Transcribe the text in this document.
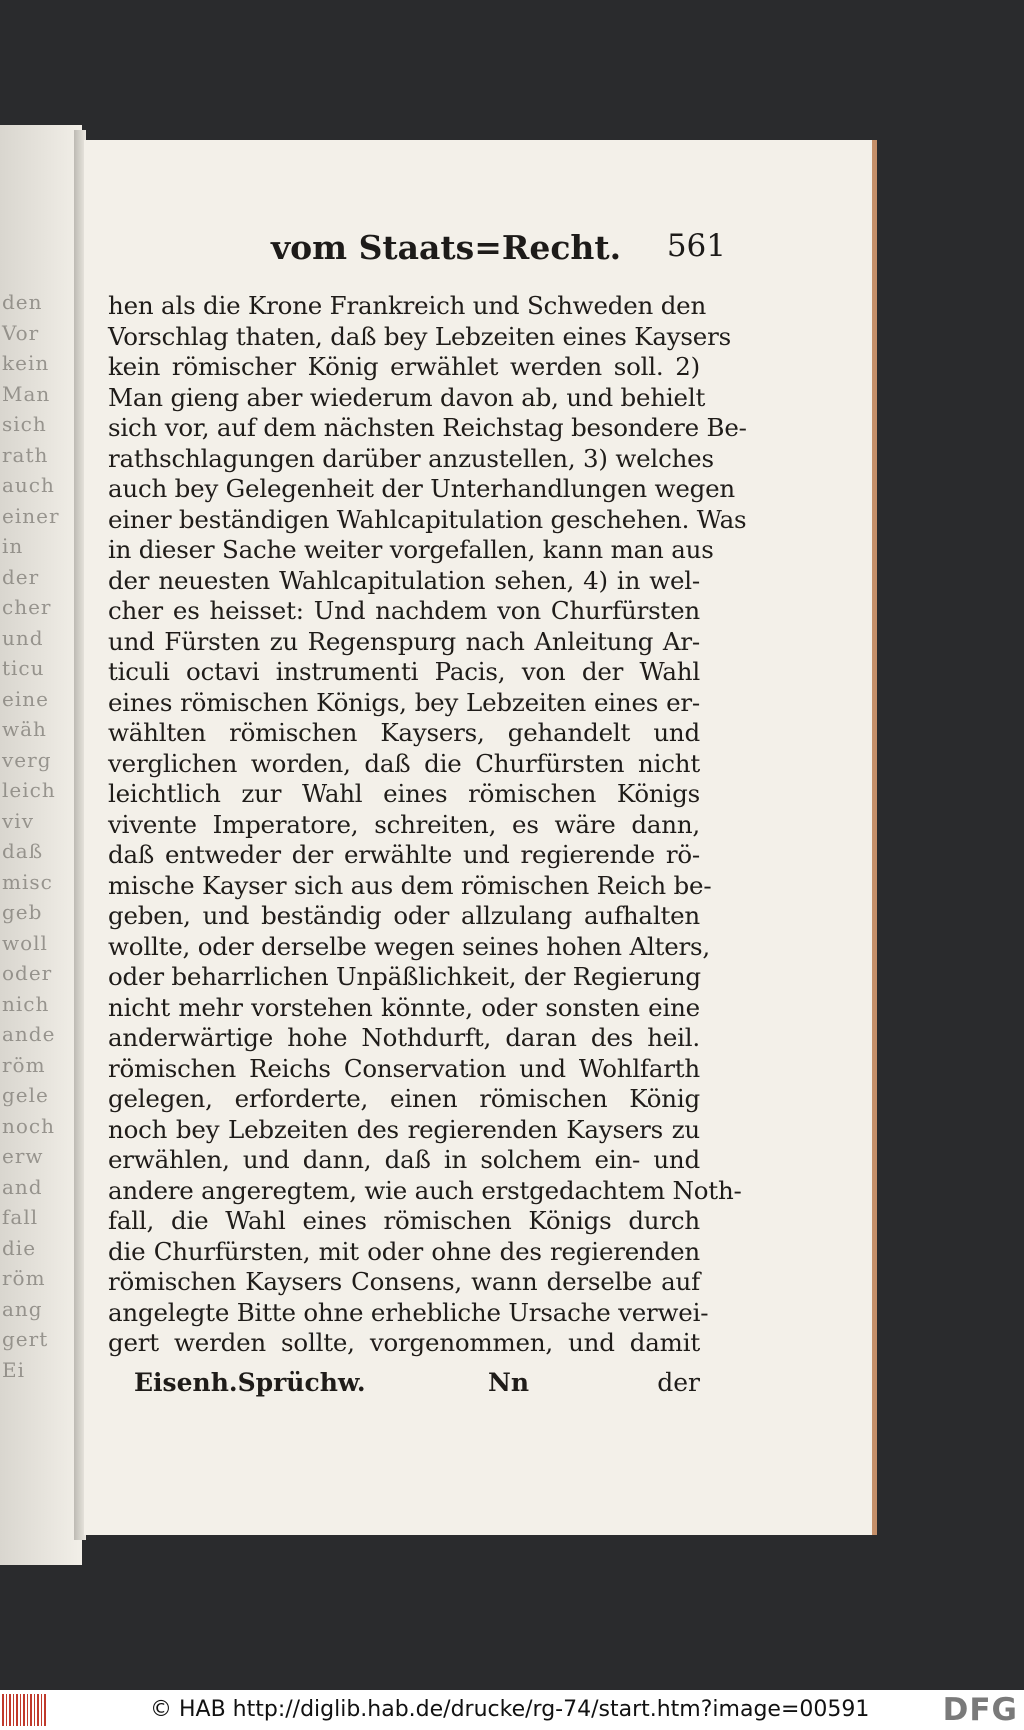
den
Vor
kein
Man
sich
rath
auch
einer
in
der
cher
und
ticu
eine
wäh
verg
leich
viv
daß
misc
geb
woll
oder
nich
ande
röm
gele
noch
erw
and
fall
die
röm
ang
gert
Ei
vom Staats=Recht. 561
hen als die Krone Frankreich und Schweden den
Vorschlag thaten, daß bey Lebzeiten eines Kaysers
kein römischer König erwählet werden soll. 2)
Man gieng aber wiederum davon ab, und behielt
sich vor, auf dem nächsten Reichstag besondere Be-
rathschlagungen darüber anzustellen, 3) welches
auch bey Gelegenheit der Unterhandlungen wegen
einer beständigen Wahlcapitulation geschehen. Was
in dieser Sache weiter vorgefallen, kann man aus
der neuesten Wahlcapitulation sehen, 4) in wel-
cher es heisset: Und nachdem von Churfürsten
und Fürsten zu Regenspurg nach Anleitung Ar-
ticuli octavi instrumenti Pacis, von der Wahl
eines römischen Königs, bey Lebzeiten eines er-
wählten römischen Kaysers, gehandelt und
verglichen worden, daß die Churfürsten nicht
leichtlich zur Wahl eines römischen Königs
vivente Imperatore, schreiten, es wäre dann,
daß entweder der erwählte und regierende rö-
mische Kayser sich aus dem römischen Reich be-
geben, und beständig oder allzulang aufhalten
wollte, oder derselbe wegen seines hohen Alters,
oder beharrlichen Unpäßlichkeit, der Regierung
nicht mehr vorstehen könnte, oder sonsten eine
anderwärtige hohe Nothdurft, daran des heil.
römischen Reichs Conservation und Wohlfarth
gelegen, erforderte, einen römischen König
noch bey Lebzeiten des regierenden Kaysers zu
erwählen, und dann, daß in solchem ein- und
andere angeregtem, wie auch erstgedachtem Noth-
fall, die Wahl eines römischen Königs durch
die Churfürsten, mit oder ohne des regierenden
römischen Kaysers Consens, wann derselbe auf
angelegte Bitte ohne erhebliche Ursache verwei-
gert werden sollte, vorgenommen, und damit
Eisenh.Sprüchw.	Nn	der
© HAB http://diglib.hab.de/drucke/rg-74/start.htm?image=00591 DFG
